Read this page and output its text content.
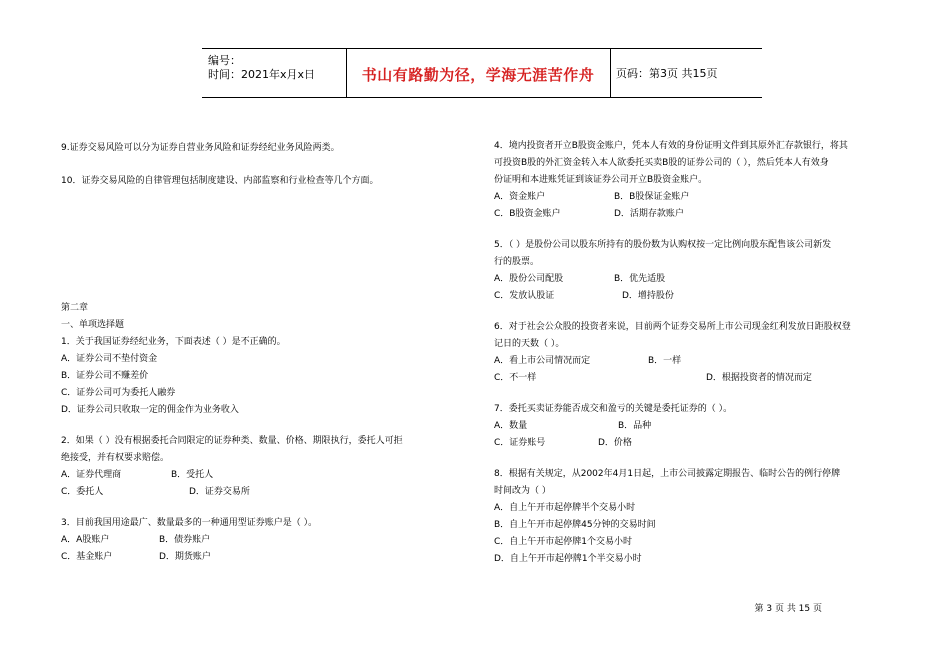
编号：
时间：2021年x月x日	书山有路勤为径，学海无涯苦作舟	页码：第3页 共15页
9.证券交易风险可以分为证券自营业务风险和证券经纪业务风险两类。
10．证券交易风险的自律管理包括制度建设、内部监察和行业检查等几个方面。
第二章
一、单项选择题
1．关于我国证券经纪业务，下面表述（ ）是不正确的。
A．证券公司不垫付资金
B．证券公司不赚差价
C．证券公司可为委托人融券
D．证券公司只收取一定的佣金作为业务收入
2．如果（ ）没有根据委托合同限定的证券种类、数量、价格、期限执行，委托人可拒
绝接受，并有权要求赔偿。
A．证券代理商	B．受托人
C．委托人	D．证券交易所
3．目前我国用途最广、数量最多的一种通用型证券账户是（ ）。
A．A股账户	B．债券账户
C．基金账户	D．期货账户
4．境内投资者开立B股资金账户，凭本人有效的身份证明文件到其原外汇存款银行，将其
可投资B股的外汇资金转入本人欲委托买卖B股的证券公司的（ ），然后凭本人有效身
份证明和本进账凭证到该证券公司开立B股资金账户。
A．资金账户	B．B股保证金账户
C．B股资金账户	D．活期存款账户
5．（ ）是股份公司以股东所持有的股份数为认购权按一定比例向股东配售该公司新发
行的股票。
A．股份公司配股	B．优先适股
C．发放认股证	D．增持股份
6．对于社会公众股的投资者来说，目前两个证券交易所上市公司现金红利发放日距股权登
记日的天数（ ）。
A．看上市公司情况而定	B．一样
C．不一样	D．根据投资者的情况而定
7．委托买卖证券能否成交和盈亏的关键是委托证券的（ ）。
A．数量	B．品种
C．证券账号	D．价格
8．根据有关规定，从2002年4月1日起，上市公司披露定期报告、临时公告的例行停牌
时间改为（ ）
A．自上午开市起停牌半个交易小时
B．自上午开市起停牌45分钟的交易时间
C．自上午开市起停牌1个交易小时
D．自上午开市起停牌1个半交易小时
第 3 页 共 15 页
